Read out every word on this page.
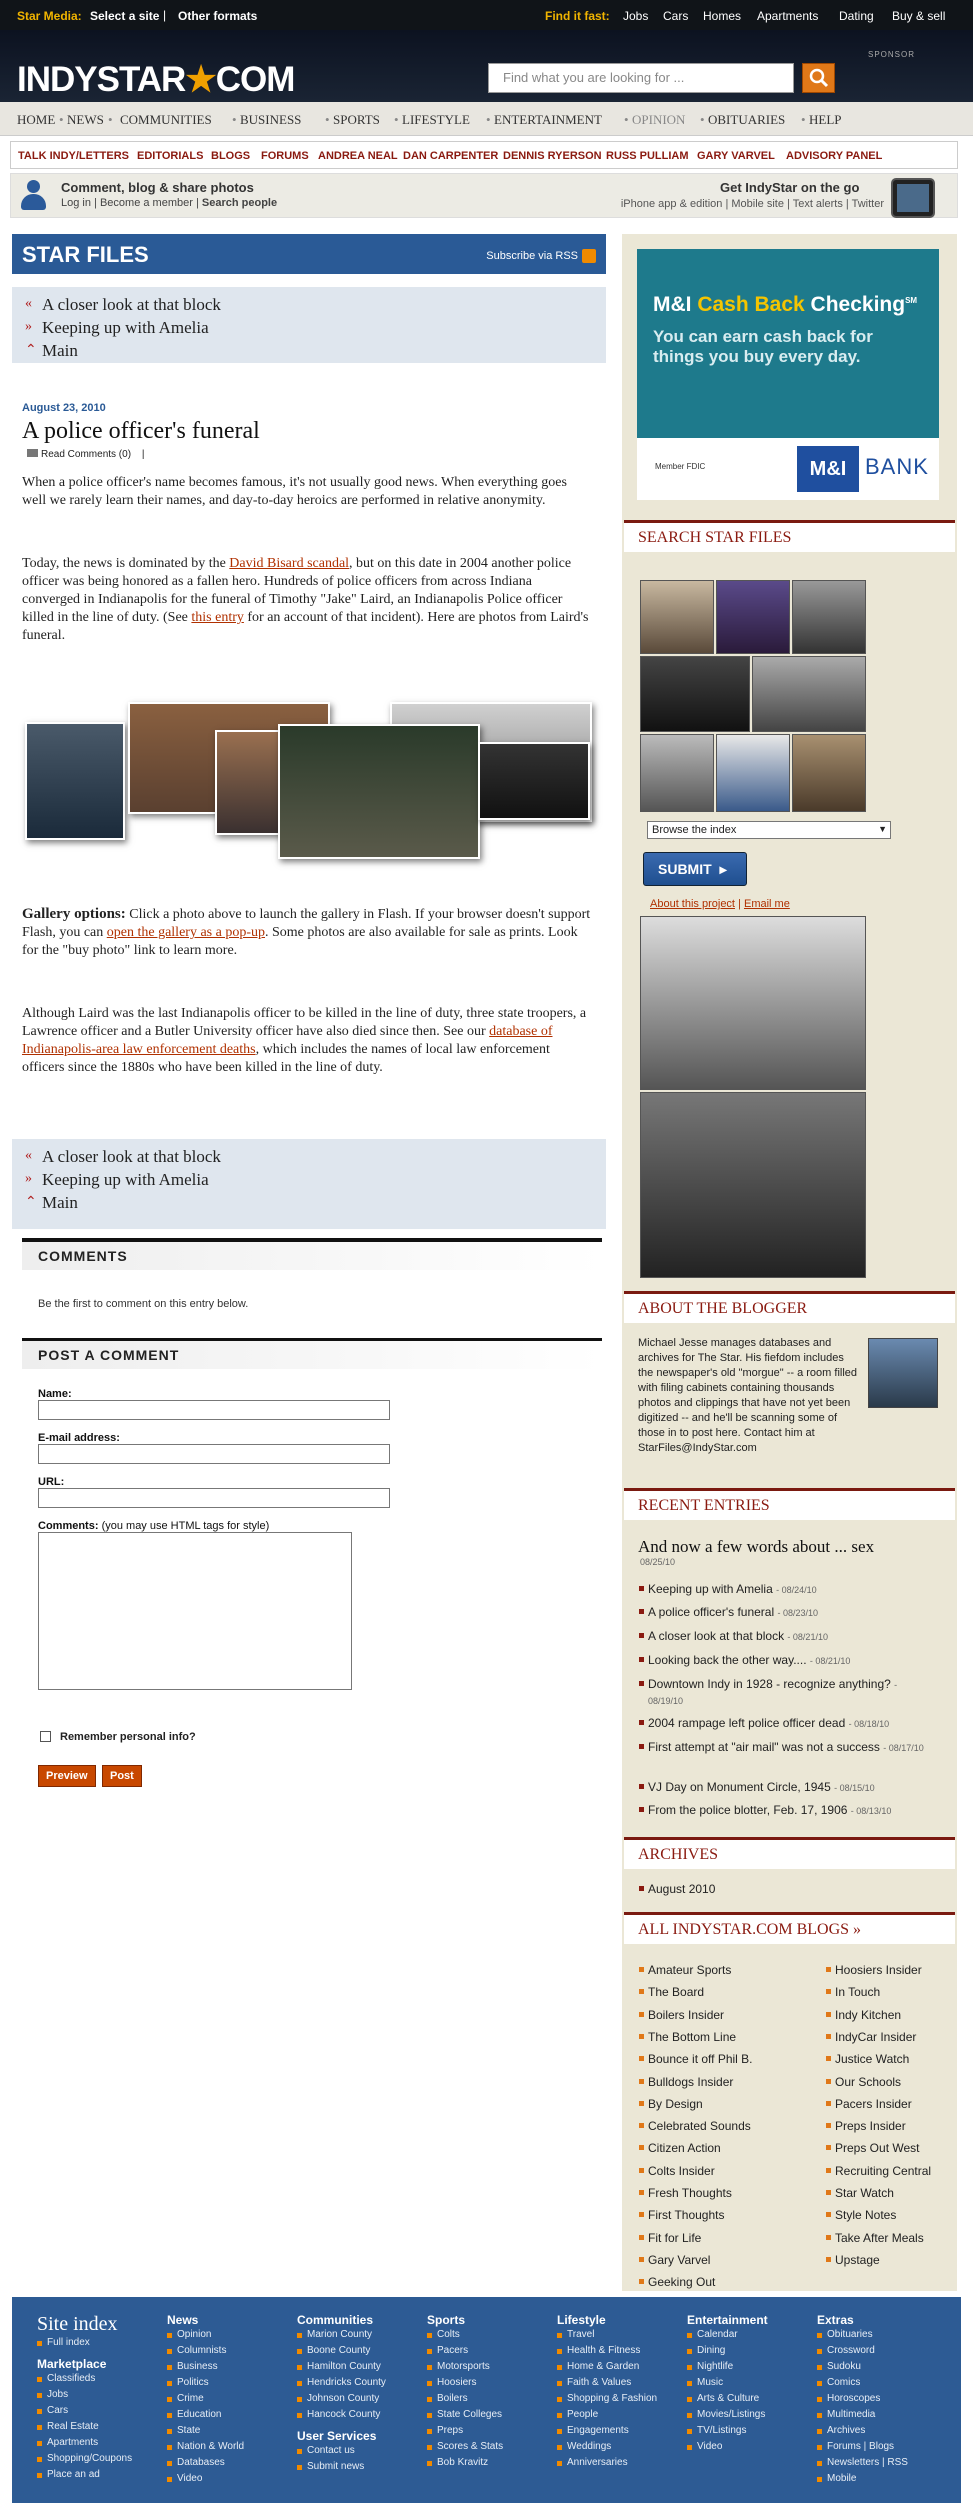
Star Media: Select a site | Other formats	Find it fast: Jobs Cars Homes Apartments Dating Buy & sell
INDYSTAR★COM	Find what you are looking for ...
SPONSOR
HOME NEWS • COMMUNITIES BUSINESS SPORTS LIFESTYLE ENTERTAINMENT OPINION OBITUARIES HELP
•	•	•	•	•	•	•	•
TALK INDY/LETTERS EDITORIALS BLOGS FORUMS ANDREA NEAL DAN CARPENTER DENNIS RYERSON RUSS PULLIAM GARY VARVEL ADVISORY PANEL
Comment, blog & share photos
Log in | Become a member | Search people
Get IndyStar on the go
iPhone app & edition | Mobile site | Text alerts | Twitter
STAR FILES	Subscribe via RSS
« A closer look at that block
» Keeping up with Amelia
⌃ Main
August 23, 2010
A police officer's funeral
Read Comments (0) |
When a police officer's name becomes famous, it's not usually good news. When everything goes well we rarely learn their names, and day-to-day heroics are performed in relative anonymity.
Today, the news is dominated by the David Bisard scandal, but on this date in 2004 another police officer was being honored as a fallen hero. Hundreds of police officers from across Indiana converged in Indianapolis for the funeral of Timothy "Jake" Laird, an Indianapolis Police officer killed in the line of duty. (See this entry for an account of that incident). Here are photos from Laird's funeral.
Gallery options: Click a photo above to launch the gallery in Flash. If your browser doesn't support Flash, you can open the gallery as a pop-up. Some photos are also available for sale as prints. Look for the "buy photo" link to learn more.
Although Laird was the last Indianapolis officer to be killed in the line of duty, three state troopers, a Lawrence officer and a Butler University officer have also died since then. See our database of Indianapolis-area law enforcement deaths, which includes the names of local law enforcement officers since the 1880s who have been killed in the line of duty.
« A closer look at that block
» Keeping up with Amelia
⌃ Main
COMMENTS
Be the first to comment on this entry below.
POST A COMMENT
Name:
E-mail address:
URL:
Comments: (you may use HTML tags for style)
Remember personal info?
Preview	Post
M&I Cash Back Checking℠
You can earn cash back for things you buy every day.
Member FDIC	M&I BANK
SEARCH STAR FILES
Browse the index	▼
SUBMIT ▸
About this project | Email me
ABOUT THE BLOGGER
Michael Jesse manages databases and archives for The Star. His fiefdom includes the newspaper's old "morgue" -- a room filled with filing cabinets containing thousands photos and clippings that have not yet been digitized -- and he'll be scanning some of those in to post here. Contact him at StarFiles@IndyStar.com
RECENT ENTRIES
And now a few words about ... sex
08/25/10
Keeping up with Amelia - 08/24/10
A police officer's funeral - 08/23/10
A closer look at that block - 08/21/10
Looking back the other way.... - 08/21/10
Downtown Indy in 1928 - recognize anything? - 08/19/10
2004 rampage left police officer dead - 08/18/10
First attempt at "air mail" was not a success - 08/17/10
VJ Day on Monument Circle, 1945 - 08/15/10
From the police blotter, Feb. 17, 1906 - 08/13/10
ARCHIVES
August 2010
ALL INDYSTAR.COM BLOGS »
Amateur Sports
The Board
Boilers Insider
The Bottom Line
Bounce it off Phil B.
Bulldogs Insider
By Design
Celebrated Sounds
Citizen Action
Colts Insider
Fresh Thoughts
First Thoughts
Fit for Life
Gary Varvel
Geeking Out
Hoosiers Insider
In Touch
Indy Kitchen
IndyCar Insider
Justice Watch
Our Schools
Pacers Insider
Preps Insider
Preps Out West
Recruiting Central
Star Watch
Style Notes
Take After Meals
Upstage
Site index
Full index
Marketplace
Classifieds
Jobs
Cars
Real Estate
Apartments
Shopping/Coupons
Place an ad
News
Opinion
Columnists
Business
Politics
Crime
Education
State
Nation & World
Databases
Video
Communities
Marion County
Boone County
Hamilton County
Hendricks County
Johnson County
Hancock County
User Services
Contact us
Submit news
Sports
Colts
Pacers
Motorsports
Hoosiers
Boilers
State Colleges
Preps
Scores & Stats
Bob Kravitz
Lifestyle
Travel
Health & Fitness
Home & Garden
Faith & Values
Shopping & Fashion
People
Engagements
Weddings
Anniversaries
Entertainment
Calendar
Dining
Nightlife
Music
Arts & Culture
Movies/Listings
TV/Listings
Video
Extras
Obituaries
Crossword
Sudoku
Comics
Horoscopes
Multimedia
Archives
Forums | Blogs
Newsletters | RSS
Mobile
